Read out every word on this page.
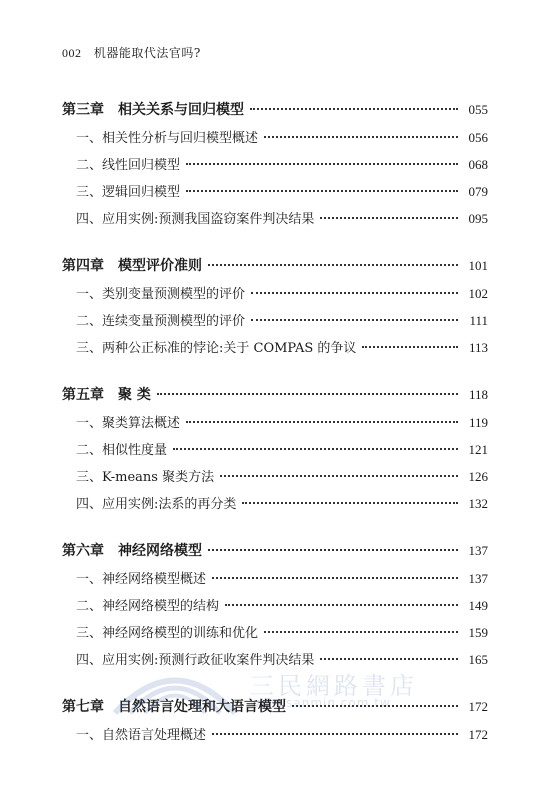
002 机器能取代法官吗?
第三章 相关关系与回归模型	055
一、相关性分析与回归模型概述	056
二、线性回归模型	068
三、逻辑回归模型	079
四、应用实例:预测我国盗窃案件判决结果	095
第四章 模型评价准则	101
一、类别变量预测模型的评价	102
二、连续变量预测模型的评价	111
三、两种公正标准的悖论:关于 COMPAS 的争议	113
第五章 聚 类	118
一、聚类算法概述	119
二、相似性度量	121
三、K-means 聚类方法	126
四、应用实例:法系的再分类	132
第六章 神经网络模型	137
一、神经网络模型概述	137
二、神经网络模型的结构	149
三、神经网络模型的训练和优化	159
四、应用实例:预测行政征收案件判决结果	165
第七章 自然语言处理和大语言模型	172
一、自然语言处理概述	172
三民網路書店
www.sanmin.com.tw
